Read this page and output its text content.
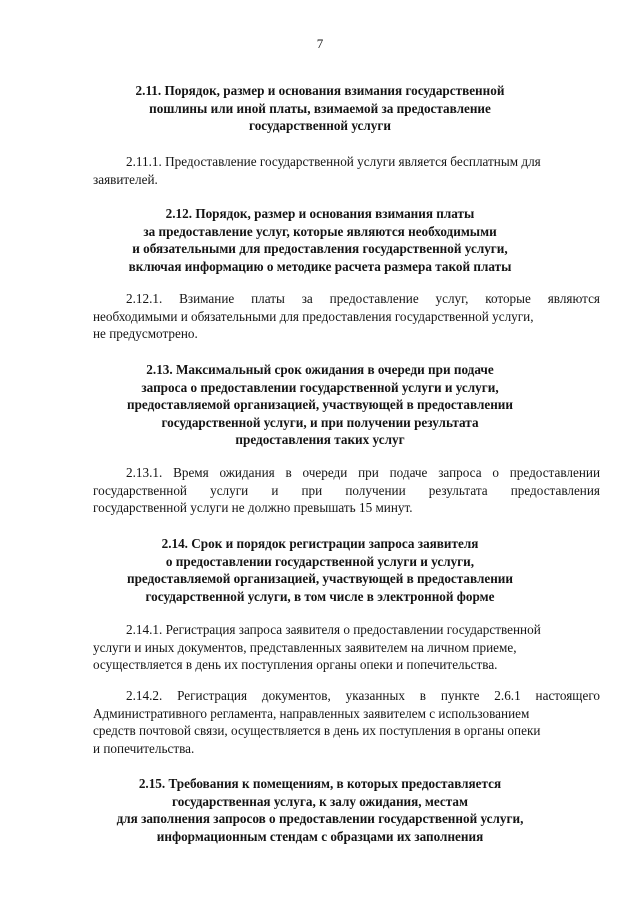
7
2.11. Порядок, размер и основания взимания государственной
пошлины или иной платы, взимаемой за предоставление
государственной услуги
2.11.1. Предоставление государственной услуги является бесплатным для
заявителей.
2.12. Порядок, размер и основания взимания платы
за предоставление услуг, которые являются необходимыми
и обязательными для предоставления государственной услуги,
включая информацию о методике расчета размера такой платы
2.12.1. Взимание платы за предоставление услуг, которые являются
необходимыми и обязательными для предоставления государственной услуги,
не предусмотрено.
2.13. Максимальный срок ожидания в очереди при подаче
запроса о предоставлении государственной услуги и услуги,
предоставляемой организацией, участвующей в предоставлении
государственной услуги, и при получении результата
предоставления таких услуг
2.13.1. Время ожидания в очереди при подаче запроса о предоставлении
государственной услуги и при получении результата предоставления
государственной услуги не должно превышать 15 минут.
2.14. Срок и порядок регистрации запроса заявителя
о предоставлении государственной услуги и услуги,
предоставляемой организацией, участвующей в предоставлении
государственной услуги, в том числе в электронной форме
2.14.1. Регистрация запроса заявителя о предоставлении государственной
услуги и иных документов, представленных заявителем на личном приеме,
осуществляется в день их поступления органы опеки и попечительства.
2.14.2. Регистрация документов, указанных в пункте 2.6.1 настоящего
Административного регламента, направленных заявителем с использованием
средств почтовой связи, осуществляется в день их поступления в органы опеки
и попечительства.
2.15. Требования к помещениям, в которых предоставляется
государственная услуга, к залу ожидания, местам
для заполнения запросов о предоставлении государственной услуги,
информационным стендам с образцами их заполнения
